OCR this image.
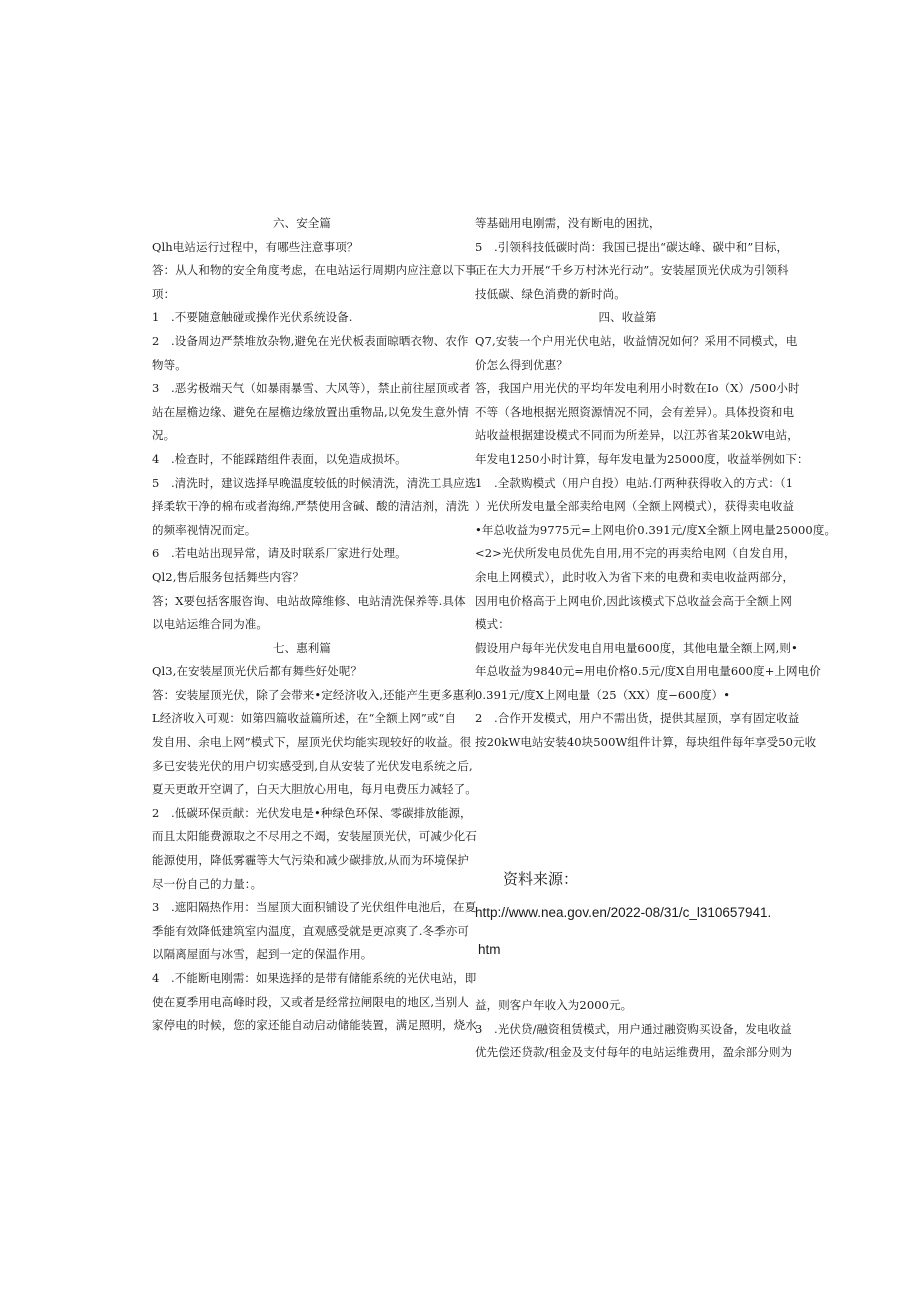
六、安全篇
Qlh电站运行过程中，有哪些注意事项？
答：从人和物的安全角度考虑，在电站运行周期内应注意以下事
项：
1　.不要随意触碰或操作光伏系统设备.
2　.设备周边严禁堆放杂物,避免在光伏板表面晾晒衣物、农作
物等。
3　.恶劣极端天气（如暴雨暴雪、大风等），禁止前往屋顶或者
站在屋檐边缘、避免在屋檐边缘放置出重物品,以免发生意外情
况。
4　.检查时，不能踩踏组件表面，以免造成损坏。
5　.清洗时，建议选择早晚温度较低的时候清洗，清洗工具应选
择柔软干净的棉布或者海绵,严禁使用含碱、酸的清洁剂，清洗
的频率视情况而定。
6　.若电站出现异常，请及时联系厂家进行处理。
Ql2,售后服务包括舞些内容？
答；X要包括客服咨询、电站故障维修、电站清洗保养等.具体
以电站运维合同为准。
七、惠利篇
Ql3,在安装屋顶光伏后都有舞些好处呢？
答：安装屋顶光伏，除了会带来•定经济收入,还能产生更多惠利
L经济收入可观：如第四篇收益篇所述，在“全额上网”或“自
发自用、余电上网”模式下，屋顶光伏均能实现较好的收益。很
多已安装光伏的用户切实感受到,自从安装了光伏发电系统之后,
夏天更敢开空调了，白天大胆放心用电，每月电费压力减轻了。
2　.低碳环保贡献：光伏发电是•种绿色环保、零碳排放能源，
而且太阳能费源取之不尽用之不竭，安装屋顶光伏，可减少化石
能源使用，降低雾霾等大气污染和减少碳排放,从而为环境保护
尽一份自己的力量：。
3　.遮阳隔热作用：当屋顶大面积铺设了光伏组件电池后，在夏
季能有效降低建筑室内温度，直观感受就是更凉爽了.冬季亦可
以隔离屋面与冰雪，起到一定的保温作用。
4　.不能断电刚需：如果选择的是带有储能系统的光伏电站，即
使在夏季用电高峰时段，又或者是经常拉闸限电的地区,当别人
家停电的时候，您的家还能自动启动储能装置，满足照明，烧水
等基础用电刚需，没有断电的困扰，
5　.引领科技低碳时尚：我国已提出“碳达峰、碳中和”目标，
正在大力开展“千乡万村沐光行动”。安装屋顶光伏成为引领科
技低碳、绿色消费的新时尚。
四、收益第
Q7,安装一个户用光伏电站，收益情况如何？采用不同模式，电
价怎么得到优惠？
答，我国户用光伏的平均年发电利用小时数在Io（X）/500小时
不等（各地根据光照资源情况不同，会有差异）。具体投资和电
站收益根据建设模式不同而为所差异，以江苏省某20kW电站，
年发电1250小时计算，每年发电量为25000度，收益举例如下：
1　.全款购模式（用户自投）电站.仃两种获得收入的方式：（1
）光伏所发电量全部卖给电网（全额上网模式），获得卖电收益
•年总收益为9775元=上网电价0.391元/度X全额上网电量25000度。
<2>光伏所发电员优先自用,用不完的再卖给电网（自发自用，
余电上网模式），此时收入为省下来的电费和卖电收益两部分，
因用电价格高于上网电价,因此该模式下总收益会高于全额上网
模式：
假设用户每年光伏发电自用电量600度，其他电量全额上网,则•
年总收益为9840元=用电价格0.5元/度X自用电量600度+上网电价
0.391元/度X上网电量（25（XX）度−600度）•
2　.合作开发模式，用户不需出货，提供其屋顶，享有固定收益
按20kW电站安装40块500W组件计算，每块组件每年享受50元收
资料来源：
http://www.nea.gov.en/2022-08/31/c_l310657941.
htm
益，则客户年收入为2000元。
3　.光伏贷/融资租赁模式，用户通过融资购买设备，发电收益
优先偿还贷款/租金及支付每年的电站运维费用，盈余部分则为
